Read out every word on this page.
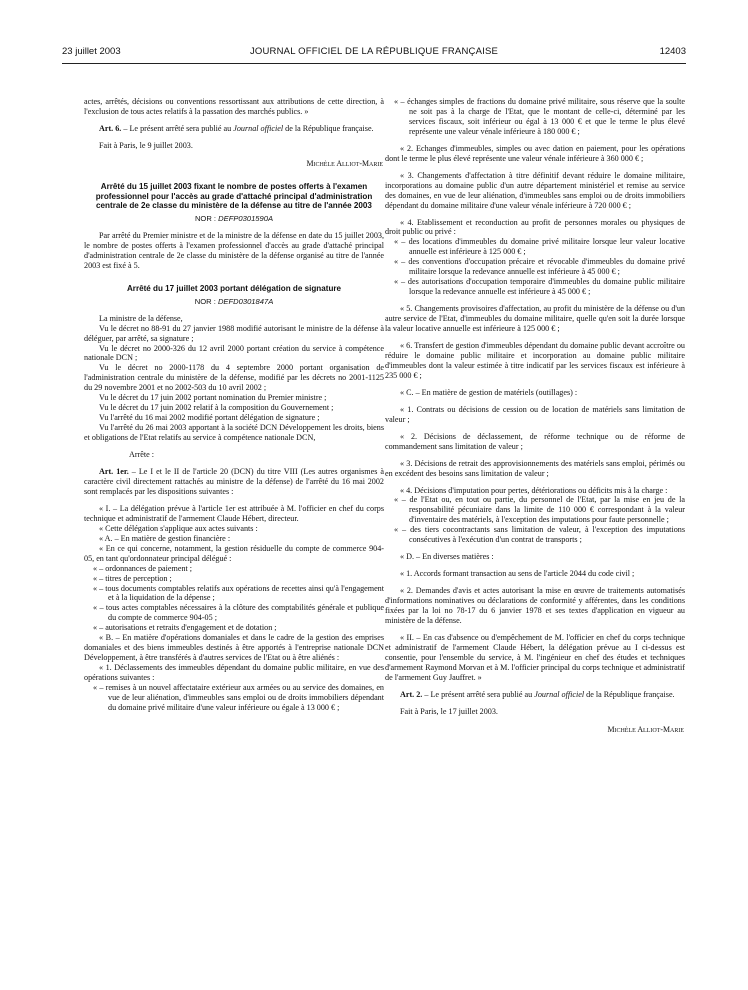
23 juillet 2003	JOURNAL OFFICIEL DE LA RÉPUBLIQUE FRANÇAISE	12403

actes, arrêtés, décisions ou conventions ressortissant aux attributions de cette direction, à l'exclusion de tous actes relatifs à la passation des marchés publics. »

Art. 6. – Le présent arrêté sera publié au Journal officiel de la République française.

Fait à Paris, le 9 juillet 2003.

Michèle Alliot-Marie

Arrêté du 15 juillet 2003 fixant le nombre de postes offerts à l'examen professionnel pour l'accès au grade d'attaché principal d'administration centrale de 2e classe du ministère de la défense au titre de l'année 2003

NOR : DEFP0301590A

Par arrêté du Premier ministre et de la ministre de la défense en date du 15 juillet 2003, le nombre de postes offerts à l'examen professionnel d'accès au grade d'attaché principal d'administration centrale de 2e classe du ministère de la défense organisé au titre de l'année 2003 est fixé à 5.

Arrêté du 17 juillet 2003 portant délégation de signature

NOR : DEFD0301847A

La ministre de la défense,

Vu le décret no 88-91 du 27 janvier 1988 modifié autorisant le ministre de la défense à déléguer, par arrêté, sa signature ;

Vu le décret no 2000-326 du 12 avril 2000 portant création du service à compétence nationale DCN ;

Vu le décret no 2000-1178 du 4 septembre 2000 portant organisation de l'administration centrale du ministère de la défense, modifié par les décrets no 2001-1125 du 29 novembre 2001 et no 2002-503 du 10 avril 2002 ;

Vu le décret du 17 juin 2002 portant nomination du Premier ministre ;

Vu le décret du 17 juin 2002 relatif à la composition du Gouvernement ;

Vu l'arrêté du 16 mai 2002 modifié portant délégation de signature ;

Vu l'arrêté du 26 mai 2003 apportant à la société DCN Développement les droits, biens et obligations de l'Etat relatifs au service à compétence nationale DCN,

Arrête :

Art. 1er. – Le I et le II de l'article 20 (DCN) du titre VIII (Les autres organismes à caractère civil directement rattachés au ministre de la défense) de l'arrêté du 16 mai 2002 sont remplacés par les dispositions suivantes :

« I. – La délégation prévue à l'article 1er est attribuée à M. l'officier en chef du corps technique et administratif de l'armement Claude Hébert, directeur.

« Cette délégation s'applique aux actes suivants :

« A. – En matière de gestion financière :

« En ce qui concerne, notamment, la gestion résiduelle du compte de commerce 904-05, en tant qu'ordonnateur principal délégué :

« – ordonnances de paiement ;

« – titres de perception ;

« – tous documents comptables relatifs aux opérations de recettes ainsi qu'à l'engagement et à la liquidation de la dépense ;

« – tous actes comptables nécessaires à la clôture des comptabilités générale et publique du compte de commerce 904-05 ;

« – autorisations et retraits d'engagement et de dotation ;

« B. – En matière d'opérations domaniales et dans le cadre de la gestion des emprises domaniales et des biens immeubles destinés à être apportés à l'entreprise nationale DCN Développement, à être transférés à d'autres services de l'Etat ou à être aliénés :

« 1. Déclassements des immeubles dépendant du domaine public militaire, en vue des opérations suivantes :

« – remises à un nouvel affectataire extérieur aux armées ou au service des domaines, en vue de leur aliénation, d'immeubles sans emploi ou de droits immobiliers dépendant du domaine privé militaire d'une valeur inférieure ou égale à 13 000 € ;

« – échanges simples de fractions du domaine privé militaire, sous réserve que la soulte ne soit pas à la charge de l'Etat, que le montant de celle-ci, déterminé par les services fiscaux, soit inférieur ou égal à 13 000 € et que le terme le plus élevé représente une valeur vénale inférieure à 180 000 € ;

« 2. Echanges d'immeubles, simples ou avec dation en paiement, pour les opérations dont le terme le plus élevé représente une valeur vénale inférieure à 360 000 € ;

« 3. Changements d'affectation à titre définitif devant réduire le domaine militaire, incorporations au domaine public d'un autre département ministériel et remise au service des domaines, en vue de leur aliénation, d'immeubles sans emploi ou de droits immobiliers dépendant du domaine militaire d'une valeur vénale inférieure à 720 000 € ;

« 4. Etablissement et reconduction au profit de personnes morales ou physiques de droit public ou privé :

« – des locations d'immeubles du domaine privé militaire lorsque leur valeur locative annuelle est inférieure à 125 000 € ;

« – des conventions d'occupation précaire et révocable d'immeubles du domaine privé militaire lorsque la redevance annuelle est inférieure à 45 000 € ;

« – des autorisations d'occupation temporaire d'immeubles du domaine public militaire lorsque la redevance annuelle est inférieure à 45 000 € ;

« 5. Changements provisoires d'affectation, au profit du ministère de la défense ou d'un autre service de l'Etat, d'immeubles du domaine militaire, quelle qu'en soit la durée lorsque la valeur locative annuelle est inférieure à 125 000 € ;

« 6. Transfert de gestion d'immeubles dépendant du domaine public devant accroître ou réduire le domaine public militaire et incorporation au domaine public militaire d'immeubles dont la valeur estimée à titre indicatif par les services fiscaux est inférieure à 235 000 € ;

« C. – En matière de gestion de matériels (outillages) :

« 1. Contrats ou décisions de cession ou de location de matériels sans limitation de valeur ;

« 2. Décisions de déclassement, de réforme technique ou de réforme de commandement sans limitation de valeur ;

« 3. Décisions de retrait des approvisionnements des matériels sans emploi, périmés ou en excédent des besoins sans limitation de valeur ;

« 4. Décisions d'imputation pour pertes, détériorations ou déficits mis à la charge :

« – de l'Etat ou, en tout ou partie, du personnel de l'Etat, par la mise en jeu de la responsabilité pécuniaire dans la limite de 110 000 € correspondant à la valeur d'inventaire des matériels, à l'exception des imputations pour faute personnelle ;

« – des tiers cocontractants sans limitation de valeur, à l'exception des imputations consécutives à l'exécution d'un contrat de transports ;

« D. – En diverses matières :

« 1. Accords formant transaction au sens de l'article 2044 du code civil ;

« 2. Demandes d'avis et actes autorisant la mise en œuvre de traitements automatisés d'informations nominatives ou déclarations de conformité y afférentes, dans les conditions fixées par la loi no 78-17 du 6 janvier 1978 et ses textes d'application en vigueur au ministère de la défense.

« II. – En cas d'absence ou d'empêchement de M. l'officier en chef du corps technique et administratif de l'armement Claude Hébert, la délégation prévue au I ci-dessus est consentie, pour l'ensemble du service, à M. l'ingénieur en chef des études et techniques d'armement Raymond Morvan et à M. l'officier principal du corps technique et administratif de l'armement Guy Jauffret. »

Art. 2. – Le présent arrêté sera publié au Journal officiel de la République française.

Fait à Paris, le 17 juillet 2003.

Michèle Alliot-Marie
